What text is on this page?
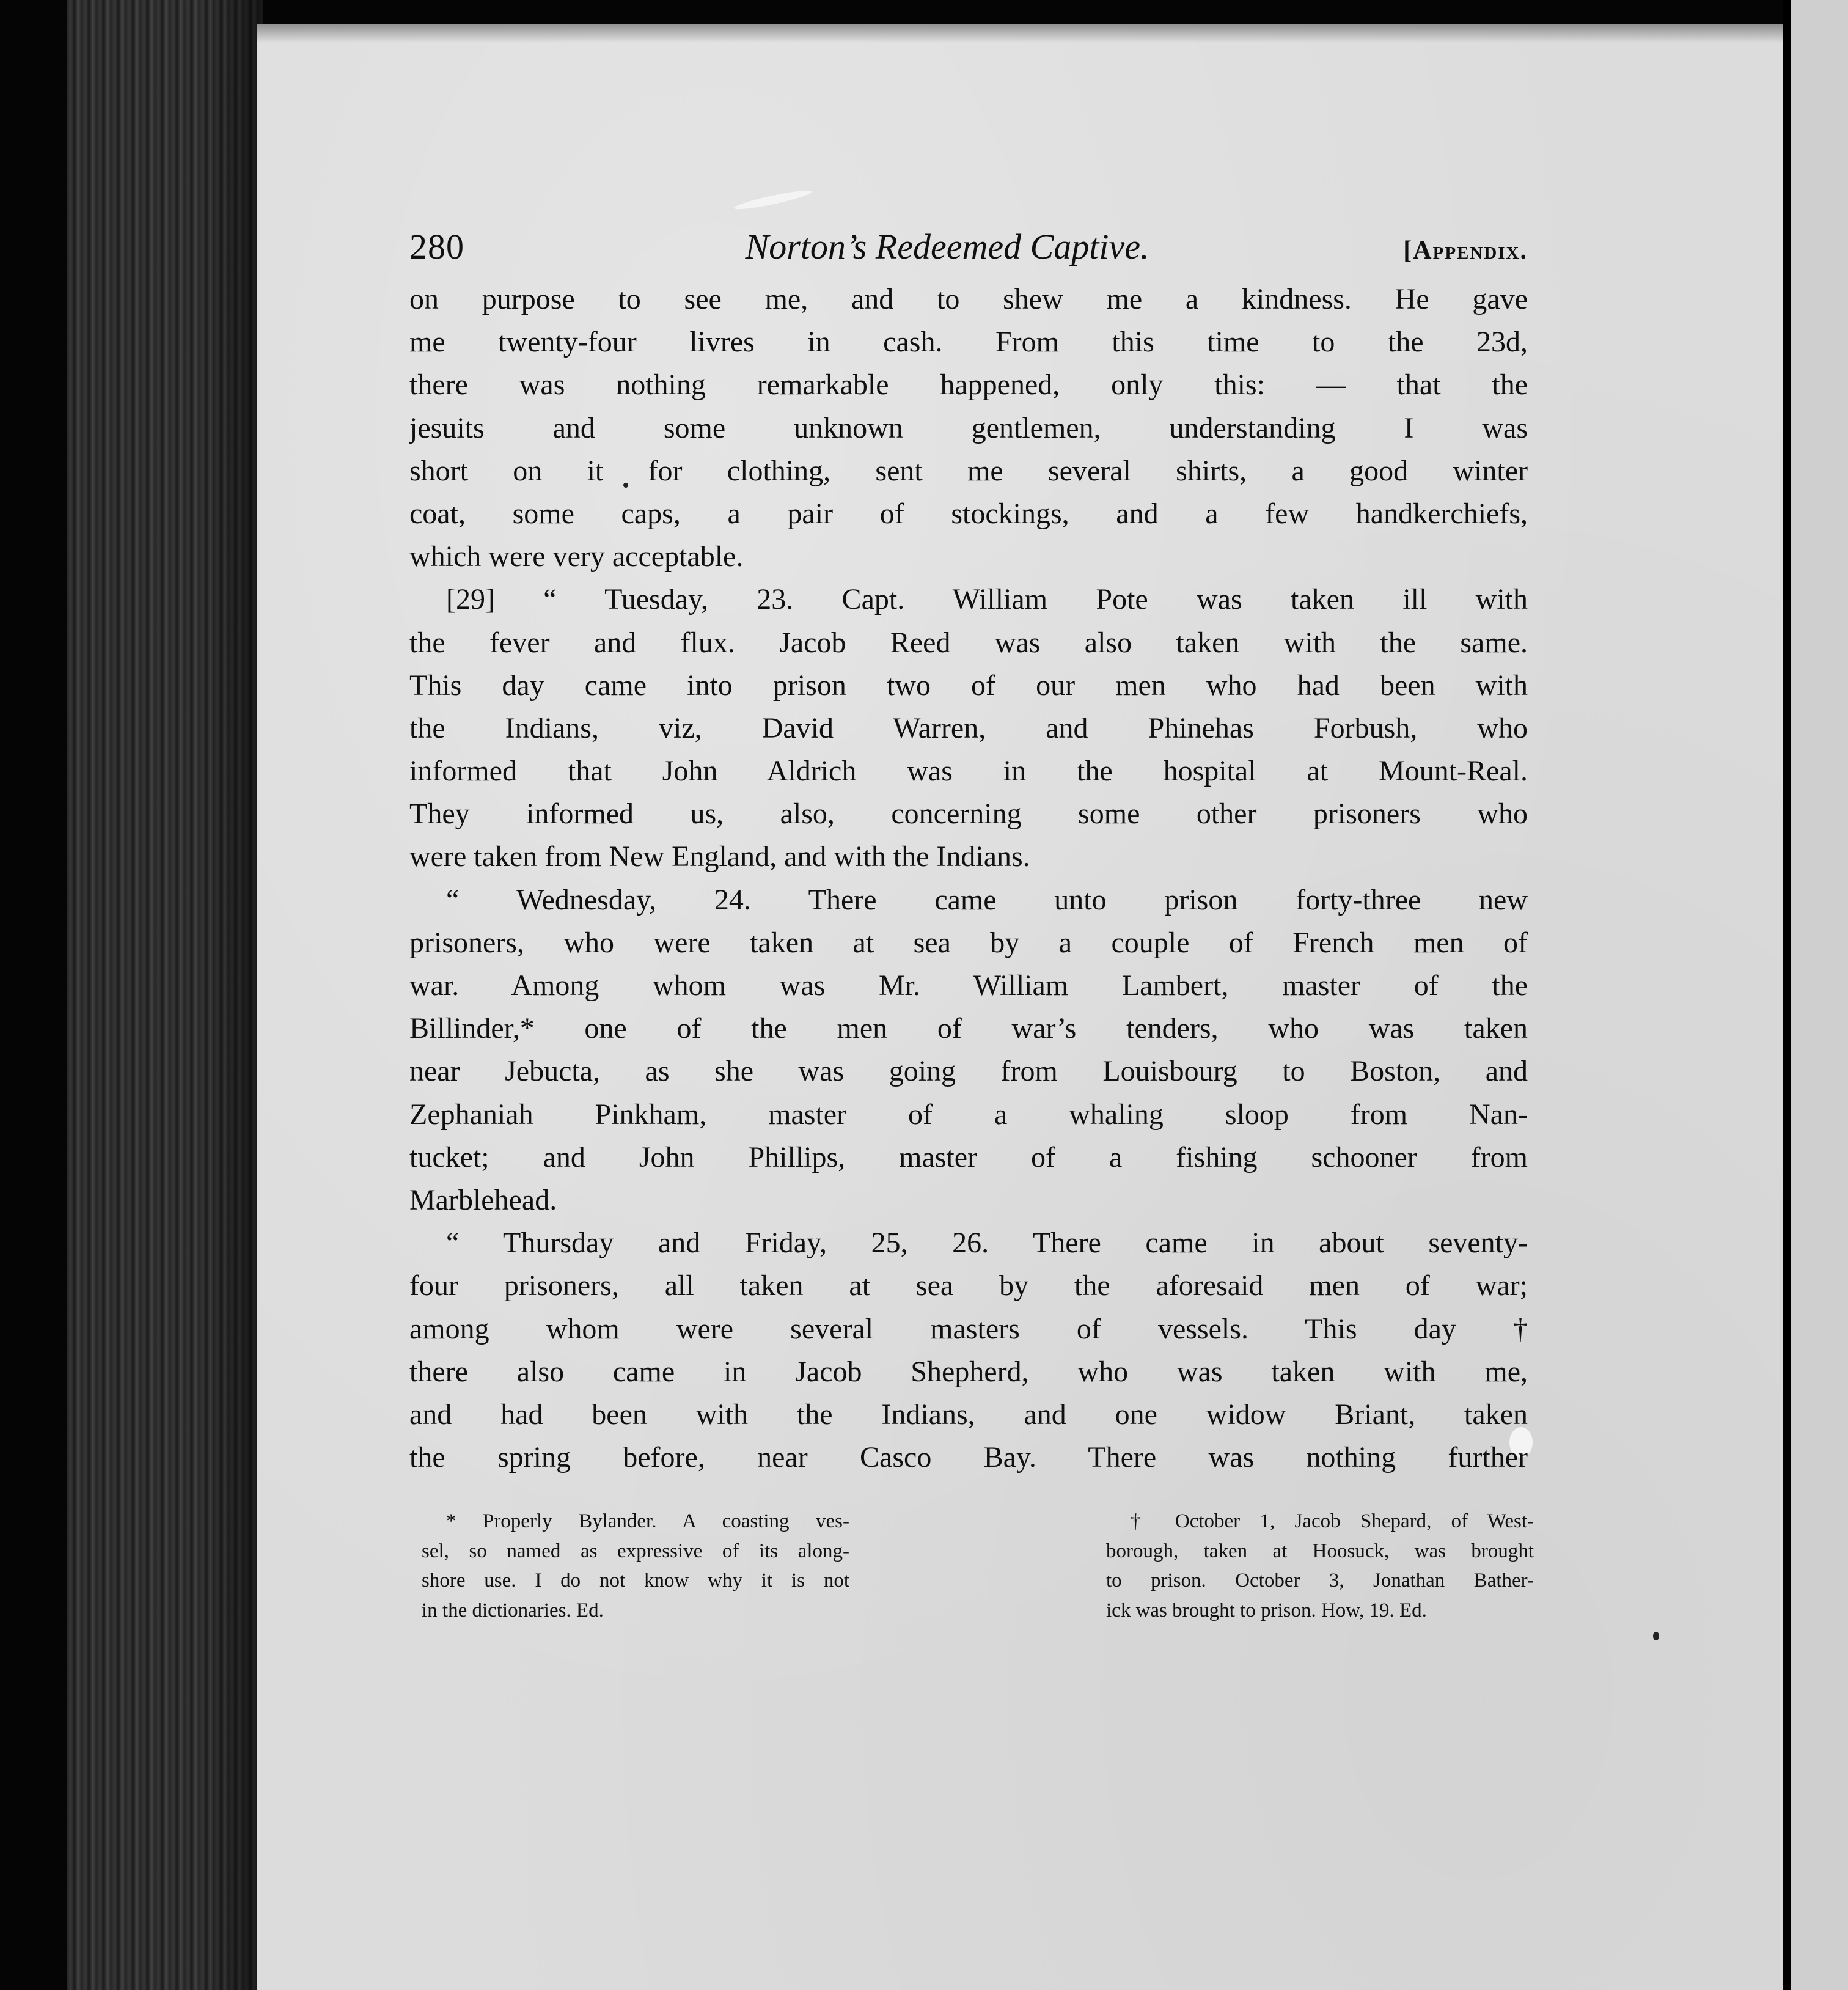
280	Norton’s Redeemed Captive.	[Appendix.
on purpose to see me, and to shew me a kindness. He gave
me twenty-four livres in cash. From this time to the 23d,
there was nothing remarkable happened, only this: — that the
jesuits and some unknown gentlemen, understanding I was
short on it for clothing, sent me several shirts, a good winter
coat, some caps, a pair of stockings, and a few handkerchiefs,
which were very acceptable.
[29] “ Tuesday, 23. Capt. William Pote was taken ill with
the fever and flux. Jacob Reed was also taken with the same.
This day came into prison two of our men who had been with
the Indians, viz, David Warren, and Phinehas Forbush, who
informed that John Aldrich was in the hospital at Mount-Real.
They informed us, also, concerning some other prisoners who
were taken from New England, and with the Indians.
“ Wednesday, 24. There came unto prison forty-three new
prisoners, who were taken at sea by a couple of French men of
war. Among whom was Mr. William Lambert, master of the
Billinder,* one of the men of war’s tenders, who was taken
near Jebucta, as she was going from Louisbourg to Boston, and
Zephaniah Pinkham, master of a whaling sloop from Nan-
tucket; and John Phillips, master of a fishing schooner from
Marblehead.
“ Thursday and Friday, 25, 26. There came in about seventy-
four prisoners, all taken at sea by the aforesaid men of war;
among whom were several masters of vessels. This day †
there also came in Jacob Shepherd, who was taken with me,
and had been with the Indians, and one widow Briant, taken
the spring before, near Casco Bay. There was nothing further
* Properly Bylander. A coasting ves-
sel, so named as expressive of its along-
shore use. I do not know why it is not
in the dictionaries. Ed.
† October 1, Jacob Shepard, of West-
borough, taken at Hoosuck, was brought
to prison. October 3, Jonathan Bather-
ick was brought to prison. How, 19. Ed.
